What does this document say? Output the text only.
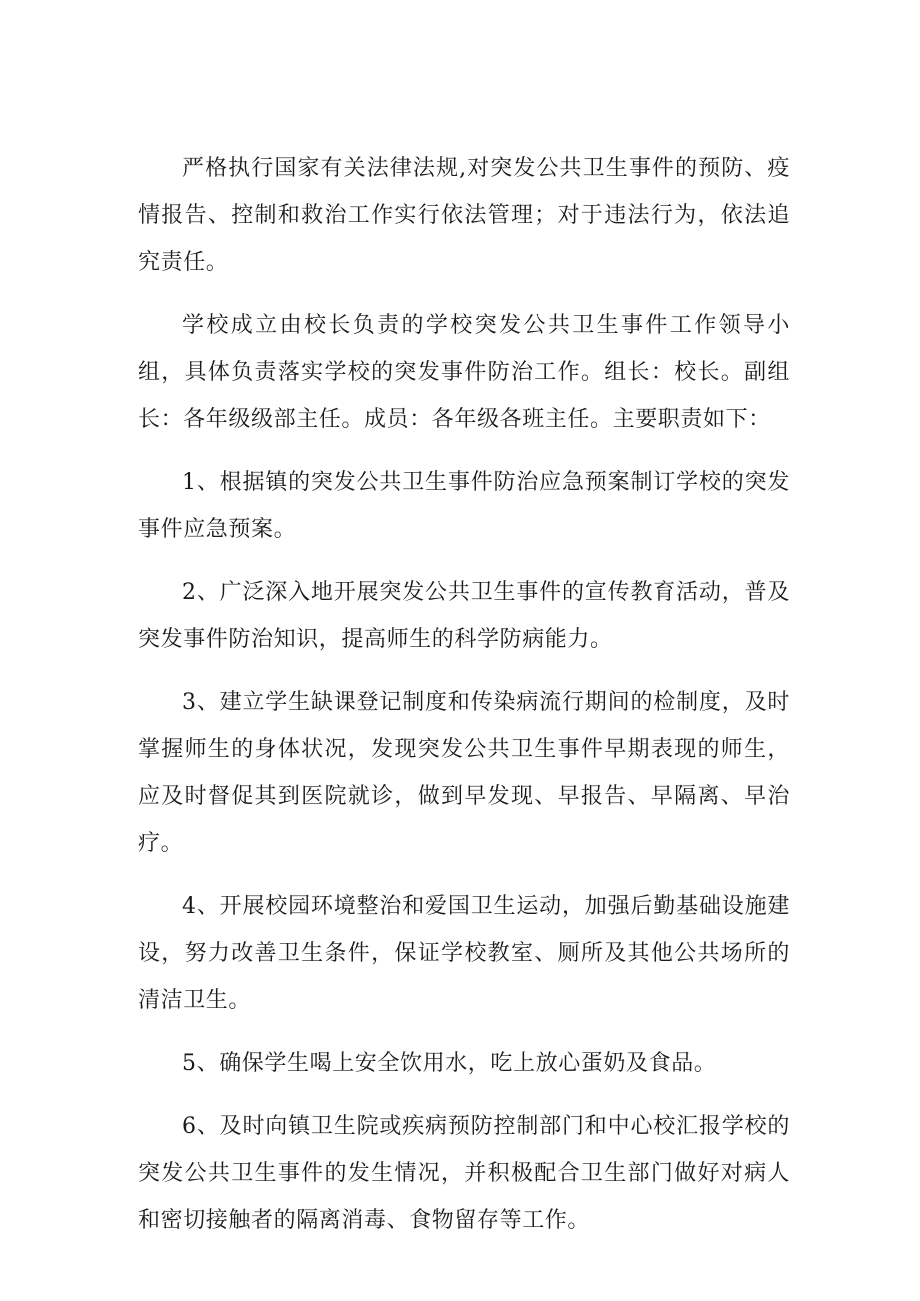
严格执行国家有关法律法规,对突发公共卫生事件的预防、疫情报告、控制和救治工作实行依法管理；对于违法行为，依法追究责任。

学校成立由校长负责的学校突发公共卫生事件工作领导小组，具体负责落实学校的突发事件防治工作。组长：校长。副组长：各年级级部主任。成员：各年级各班主任。主要职责如下：

1、根据镇的突发公共卫生事件防治应急预案制订学校的突发事件应急预案。

2、广泛深入地开展突发公共卫生事件的宣传教育活动，普及突发事件防治知识，提高师生的科学防病能力。

3、建立学生缺课登记制度和传染病流行期间的检制度，及时掌握师生的身体状况，发现突发公共卫生事件早期表现的师生，应及时督促其到医院就诊，做到早发现、早报告、早隔离、早治疗。

4、开展校园环境整治和爱国卫生运动，加强后勤基础设施建设，努力改善卫生条件，保证学校教室、厕所及其他公共场所的清洁卫生。

5、确保学生喝上安全饮用水，吃上放心蛋奶及食品。

6、及时向镇卫生院或疾病预防控制部门和中心校汇报学校的突发公共卫生事件的发生情况，并积极配合卫生部门做好对病人和密切接触者的隔离消毒、食物留存等工作。
